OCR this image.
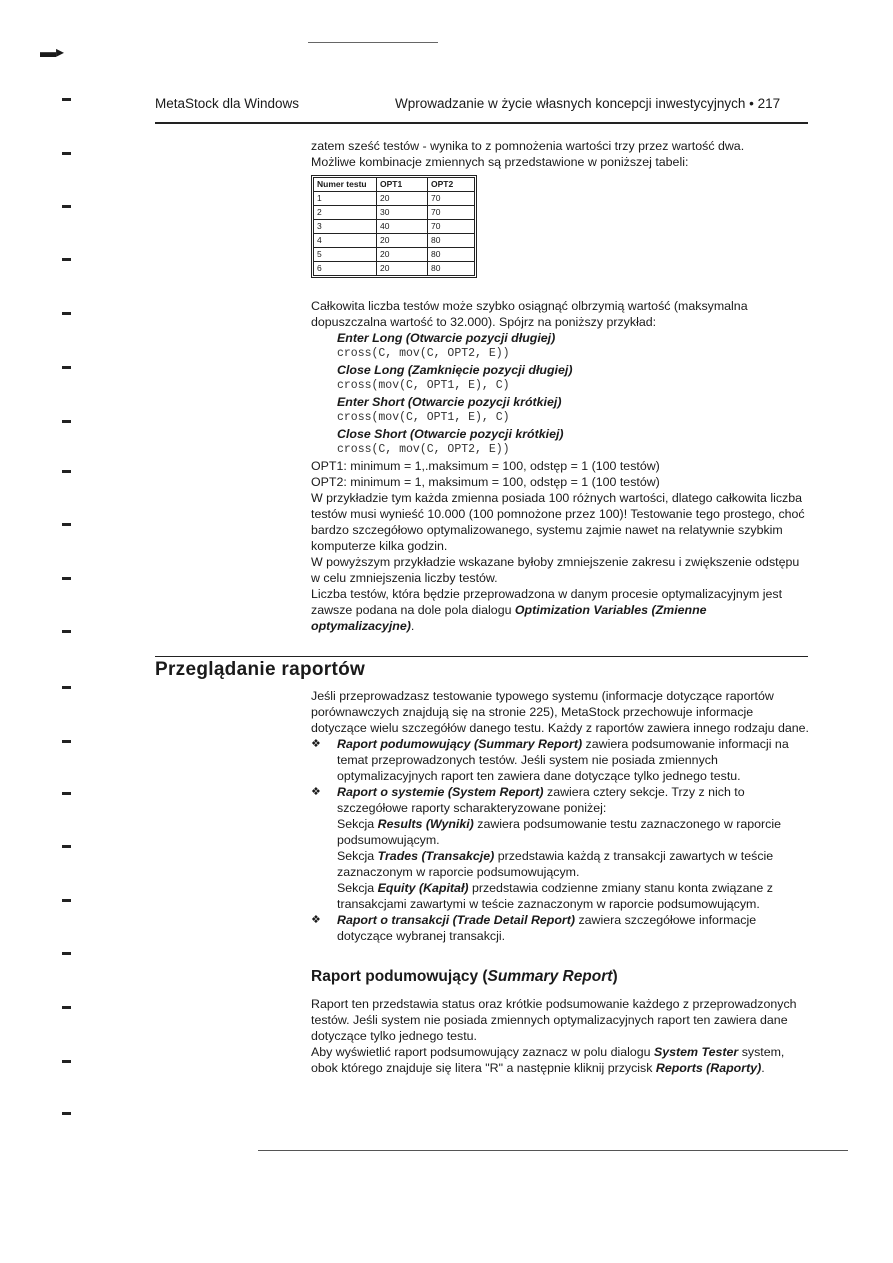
▬▸
MetaStock dla Windows	Wprowadzanie w życie własnych koncepcji inwestycyjnych • 217

zatem sześć testów - wynika to z pomnożenia wartości trzy przez wartość dwa.

Możliwe kombinacje zmiennych są przedstawione w poniższej tabeli:

Numer testu	OPT1	OPT2
1	20	70
2	30	70
3	40	70
4	20	80
5	20	80
6	20	80

Całkowita liczba testów może szybko osiągnąć olbrzymią wartość (maksymalna dopuszczalna wartość to 32.000). Spójrz na poniższy przykład:

Enter Long (Otwarcie pozycji długiej)

cross(C, mov(C, OPT2, E))

Close Long (Zamknięcie pozycji długiej)

cross(mov(C, OPT1, E), C)

Enter Short (Otwarcie pozycji krótkiej)

cross(mov(C, OPT1, E), C)

Close Short (Otwarcie pozycji krótkiej)

cross(C, mov(C, OPT2, E))

OPT1: minimum = 1,.maksimum = 100, odstęp = 1 (100 testów)

OPT2: minimum = 1, maksimum = 100, odstęp = 1 (100 testów)

W przykładzie tym każda zmienna posiada 100 różnych wartości, dlatego całkowita liczba testów musi wynieść 10.000 (100 pomnożone przez 100)! Testowanie tego prostego, choć bardzo szczegółowo optymalizowanego, systemu zajmie nawet na relatywnie szybkim komputerze kilka godzin.

W powyższym przykładzie wskazane byłoby zmniejszenie zakresu i zwiększenie odstępu w celu zmniejszenia liczby testów.

Liczba testów, która będzie przeprowadzona w danym procesie optymalizacyjnym jest zawsze podana na dole pola dialogu Optimization Variables (Zmienne optymalizacyjne).

Przeglądanie raportów

Jeśli przeprowadzasz testowanie typowego systemu (informacje dotyczące raportów porównawczych znajdują się na stronie 225), MetaStock przechowuje informacje dotyczące wielu szczegółów danego testu. Każdy z raportów zawiera innego rodzaju dane.

❖ Raport podumowujący (Summary Report) zawiera podsumowanie informacji na temat przeprowadzonych testów. Jeśli system nie posiada zmiennych optymalizacyjnych raport ten zawiera dane dotyczące tylko jednego testu.
❖ Raport o systemie (System Report) zawiera cztery sekcje. Trzy z nich to szczegółowe raporty scharakteryzowane poniżej:

Sekcja Results (Wyniki) zawiera podsumowanie testu zaznaczonego w raporcie podsumowującym.

Sekcja Trades (Transakcje) przedstawia każdą z transakcji zawartych w teście zaznaczonym w raporcie podsumowującym.

Sekcja Equity (Kapitał) przedstawia codzienne zmiany stanu konta związane z transakcjami zawartymi w teście zaznaczonym w raporcie podsumowującym.

❖ Raport o transakcji (Trade Detail Report) zawiera szczegółowe informacje dotyczące wybranej transakcji.
Raport podumowujący (Summary Report)

Raport ten przedstawia status oraz krótkie podsumowanie każdego z przeprowadzonych testów. Jeśli system nie posiada zmiennych optymalizacyjnych raport ten zawiera dane dotyczące tylko jednego testu.

Aby wyświetlić raport podsumowujący zaznacz w polu dialogu System Tester system, obok którego znajduje się litera "R" a następnie kliknij przycisk Reports (Raporty).
